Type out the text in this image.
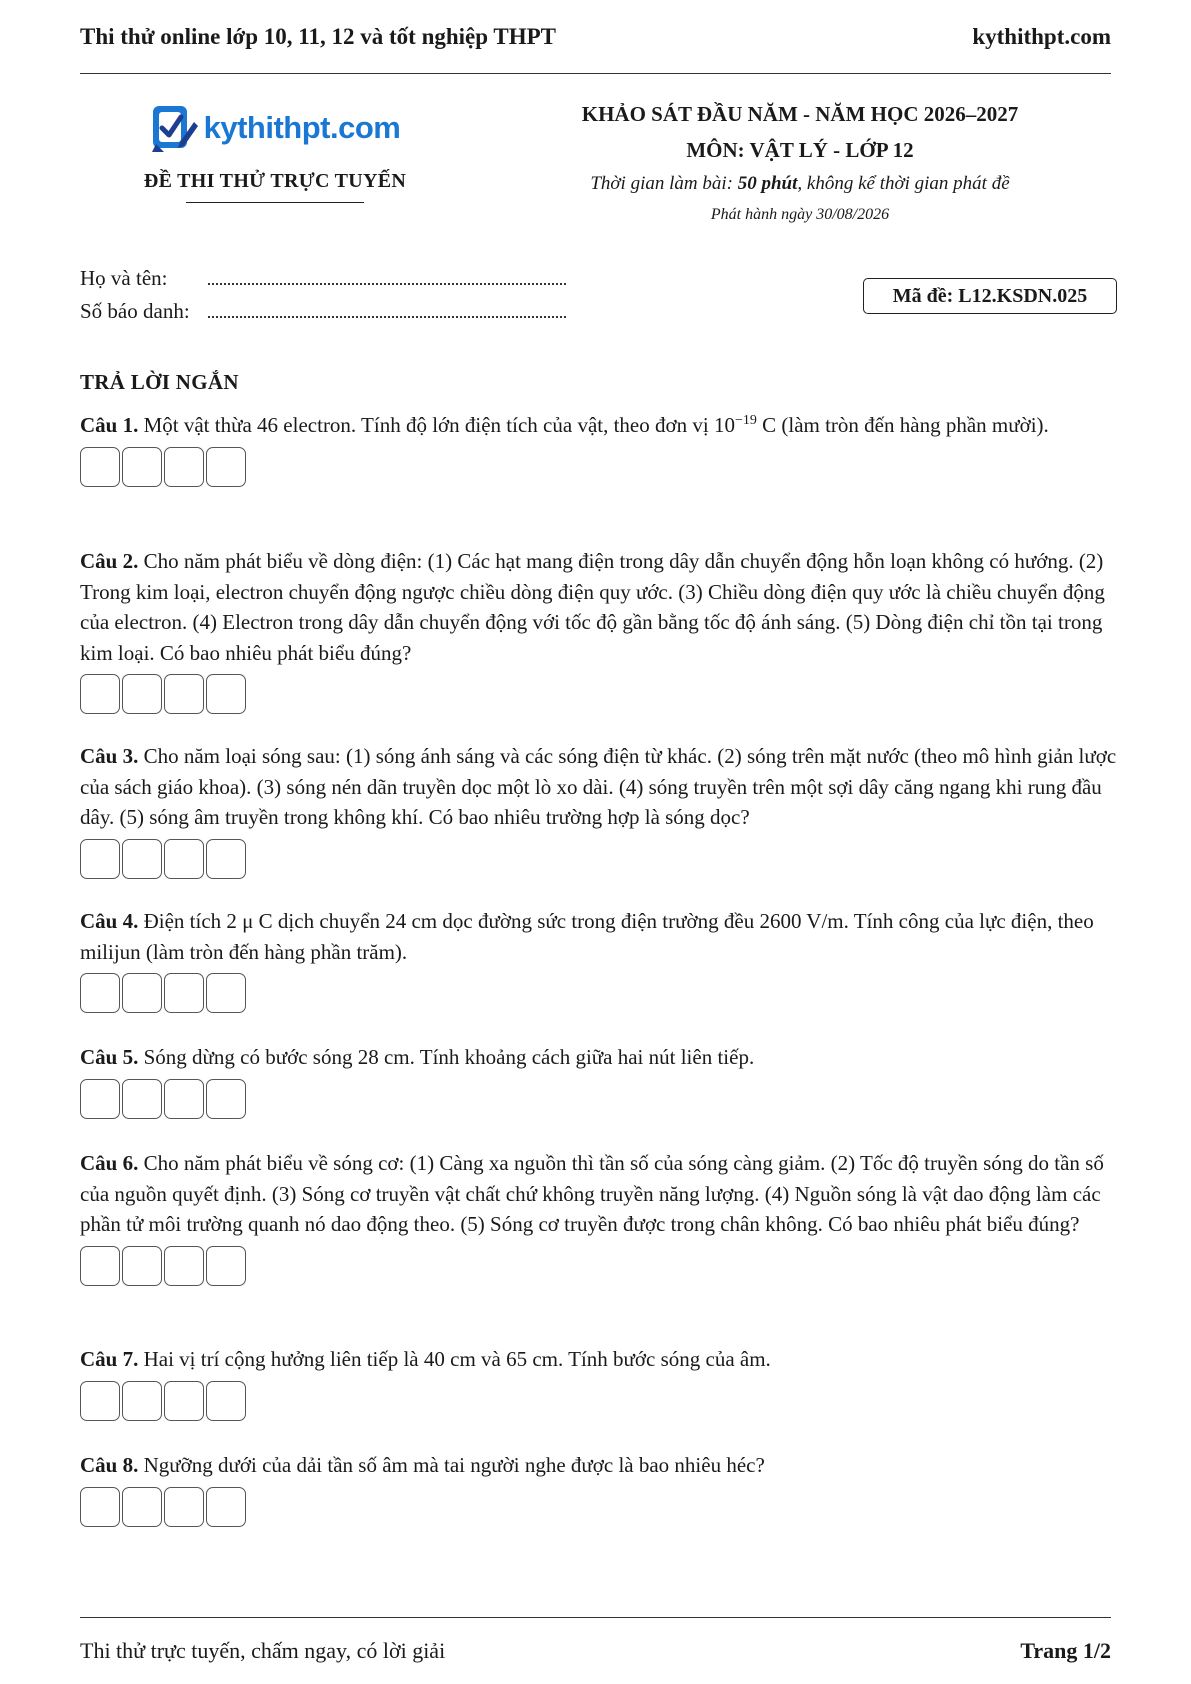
Thi thử online lớp 10, 11, 12 và tốt nghiệp THPT	kythithpt.com
kythithpt.com
ĐỀ THI THỬ TRỰC TUYẾN
KHẢO SÁT ĐẦU NĂM - NĂM HỌC 2026–2027
MÔN: VẬT LÝ - LỚP 12
Thời gian làm bài: 50 phút, không kể thời gian phát đề
Phát hành ngày 30/08/2026
Họ và tên:
Số báo danh:
Mã đề: L12.KSDN.025
TRẢ LỜI NGẮN
Câu 1. Một vật thừa 46 electron. Tính độ lớn điện tích của vật, theo đơn vị $10^{-19}$ C (làm tròn đến hàng phần mười).
Câu 2. Cho năm phát biểu về dòng điện: (1) Các hạt mang điện trong dây dẫn chuyển động hỗn loạn không có hướng. (2) Trong kim loại, electron chuyển động ngược chiều dòng điện quy ước. (3) Chiều dòng điện quy ước là chiều chuyển động của electron. (4) Electron trong dây dẫn chuyển động với tốc độ gần bằng tốc độ ánh sáng. (5) Dòng điện chỉ tồn tại trong kim loại. Có bao nhiêu phát biểu đúng?
Câu 3. Cho năm loại sóng sau: (1) sóng ánh sáng và các sóng điện từ khác. (2) sóng trên mặt nước (theo mô hình giản lược của sách giáo khoa). (3) sóng nén dãn truyền dọc một lò xo dài. (4) sóng truyền trên một sợi dây căng ngang khi rung đầu dây. (5) sóng âm truyền trong không khí. Có bao nhiêu trường hợp là sóng dọc?
Câu 4. Điện tích 2 μ C dịch chuyển 24 cm dọc đường sức trong điện trường đều 2600 V/m. Tính công của lực điện, theo milijun (làm tròn đến hàng phần trăm).
Câu 5. Sóng dừng có bước sóng 28 cm. Tính khoảng cách giữa hai nút liên tiếp.
Câu 6. Cho năm phát biểu về sóng cơ: (1) Càng xa nguồn thì tần số của sóng càng giảm. (2) Tốc độ truyền sóng do tần số của nguồn quyết định. (3) Sóng cơ truyền vật chất chứ không truyền năng lượng. (4) Nguồn sóng là vật dao động làm các phần tử môi trường quanh nó dao động theo. (5) Sóng cơ truyền được trong chân không. Có bao nhiêu phát biểu đúng?
Câu 7. Hai vị trí cộng hưởng liên tiếp là 40 cm và 65 cm. Tính bước sóng của âm.
Câu 8. Ngưỡng dưới của dải tần số âm mà tai người nghe được là bao nhiêu héc?
Thi thử trực tuyến, chấm ngay, có lời giải	Trang 1/2
